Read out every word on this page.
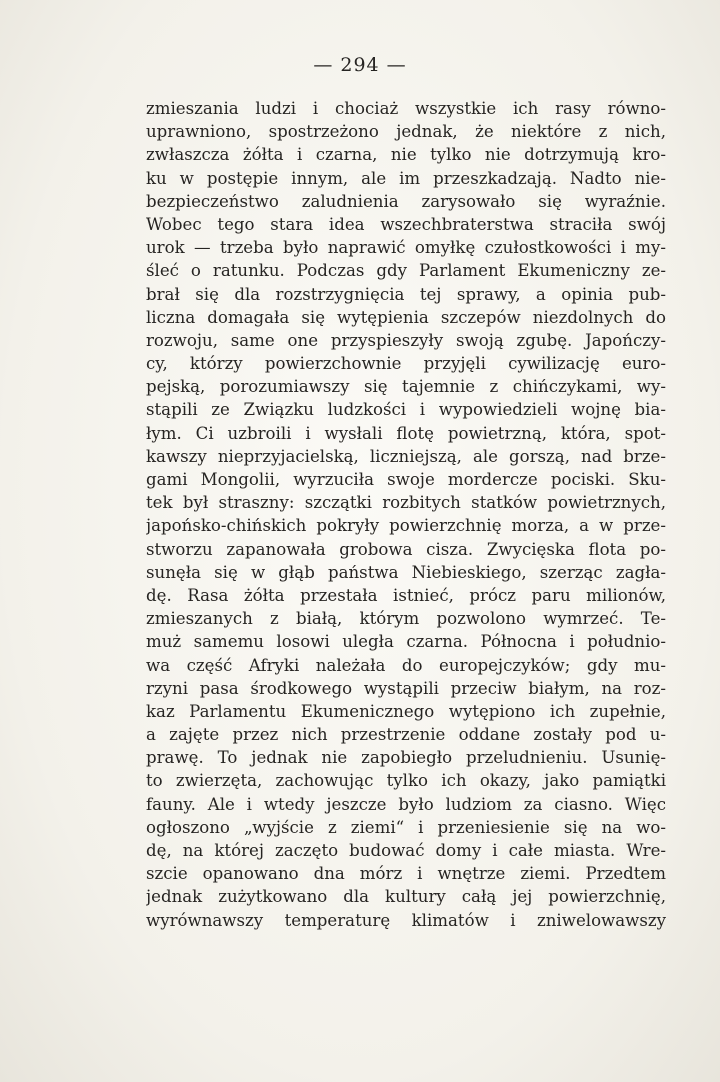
— 294 —
zmieszania ludzi i chociaż wszystkie ich rasy równo-
uprawniono, spostrzeżono jednak, że niektóre z nich,
zwłaszcza żółta i czarna, nie tylko nie dotrzymują kro-
ku w postępie innym, ale im przeszkadzają. Nadto nie-
bezpieczeństwo zaludnienia zarysowało się wyraźnie.
Wobec tego stara idea wszechbraterstwa straciła swój
urok — trzeba było naprawić omyłkę czułostkowości i my-
śleć o ratunku. Podczas gdy Parlament Ekumeniczny ze-
brał się dla rozstrzygnięcia tej sprawy, a opinia pub-
liczna domagała się wytępienia szczepów niezdolnych do
rozwoju, same one przyspieszyły swoją zgubę. Japończy-
cy, którzy powierzchownie przyjęli cywilizację euro-
pejską, porozumiawszy się tajemnie z chińczykami, wy-
stąpili ze Związku ludzkości i wypowiedzieli wojnę bia-
łym. Ci uzbroili i wysłali flotę powietrzną, która, spot-
kawszy nieprzyjacielską, liczniejszą, ale gorszą, nad brze-
gami Mongolii, wyrzuciła swoje mordercze pociski. Sku-
tek był straszny: szczątki rozbitych statków powietrznych,
japońsko-chińskich pokryły powierzchnię morza, a w prze-
stworzu zapanowała grobowa cisza. Zwycięska flota po-
sunęła się w głąb państwa Niebieskiego, szerząc zagła-
dę. Rasa żółta przestała istnieć, prócz paru milionów,
zmieszanych z białą, którym pozwolono wymrzeć. Te-
muż samemu losowi uległa czarna. Północna i południo-
wa część Afryki należała do europejczyków; gdy mu-
rzyni pasa środkowego wystąpili przeciw białym, na roz-
kaz Parlamentu Ekumenicznego wytępiono ich zupełnie,
a zajęte przez nich przestrzenie oddane zostały pod u-
prawę. To jednak nie zapobiegło przeludnieniu. Usunię-
to zwierzęta, zachowując tylko ich okazy, jako pamiątki
fauny. Ale i wtedy jeszcze było ludziom za ciasno. Więc
ogłoszono „wyjście z ziemi“ i przeniesienie się na wo-
dę, na której zaczęto budować domy i całe miasta. Wre-
szcie opanowano dna mórz i wnętrze ziemi. Przedtem
jednak zużytkowano dla kultury całą jej powierzchnię,
wyrównawszy temperaturę klimatów i zniwelowawszy
